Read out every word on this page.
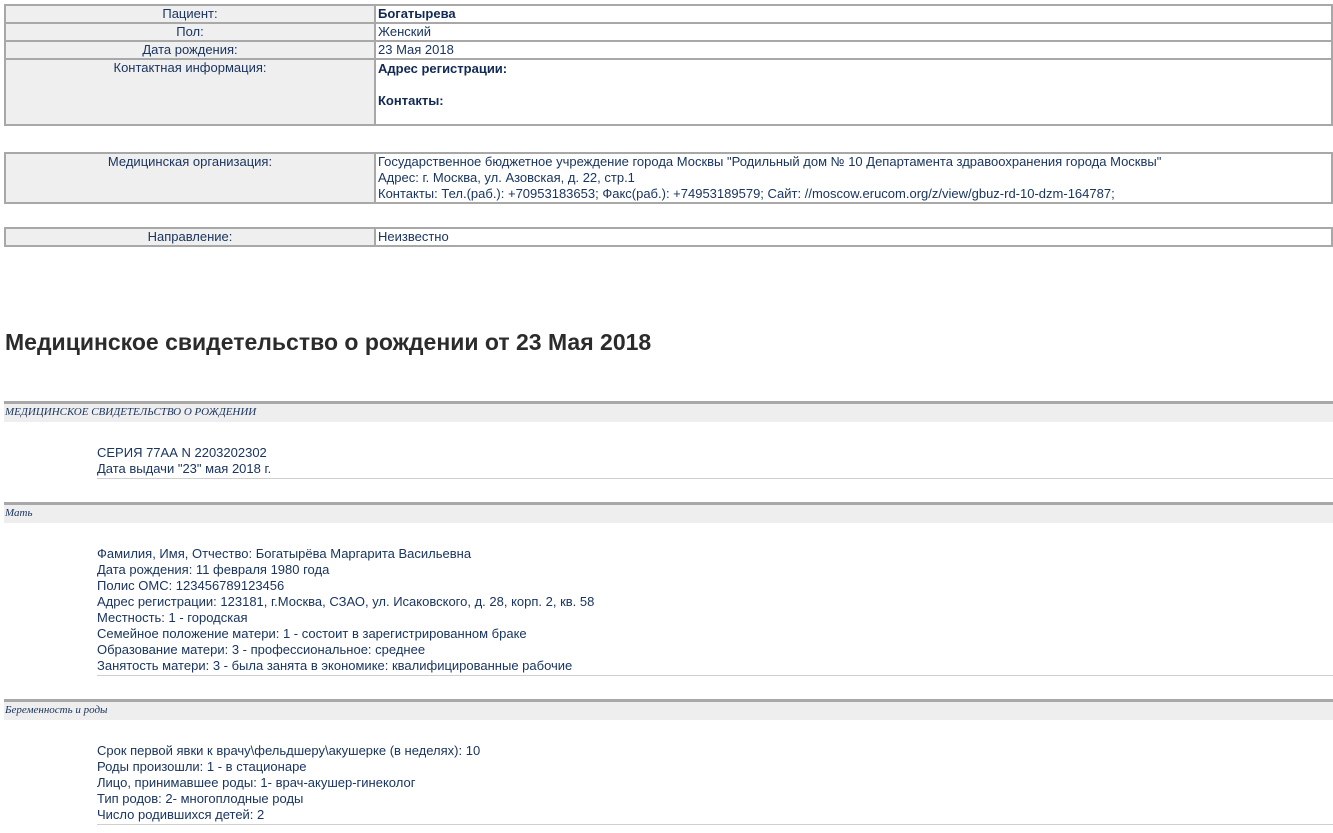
Пациент:	Богатырева
Пол:	Женский
Дата рождения:	23 Мая 2018
Контактная информация:	Адрес регистрации:
Контакты:
Медицинская организация:	Государственное бюджетное учреждение города Москвы "Родильный дом № 10 Департамента здравоохранения города Москвы"
Адрес: г. Москва, ул. Азовская, д. 22, стр.1
Контакты: Тел.(раб.): +70953183653; Факс(раб.): +74953189579; Сайт: //moscow.erucom.org/z/view/gbuz-rd-10-dzm-164787;
Направление:	Неизвестно
Медицинское свидетельство о рождении от 23 Мая 2018
МЕДИЦИНСКОЕ СВИДЕТЕЛЬСТВО О РОЖДЕНИИ
СЕРИЯ 77АА N 2203202302
Дата выдачи "23" мая 2018 г.
Мать
Фамилия, Имя, Отчество: Богатырёва Маргарита Васильевна
Дата рождения: 11 февраля 1980 года
Полис ОМС: 123456789123456
Адрес регистрации: 123181, г.Москва, СЗАО, ул. Исаковского, д. 28, корп. 2, кв. 58
Местность: 1 - городская
Семейное положение матери: 1 - состоит в зарегистрированном браке
Образование матери: 3 - профессиональное: среднее
Занятость матери: 3 - была занята в экономике: квалифицированные рабочие
Беременность и роды
Срок первой явки к врачу\фельдшеру\акушерке (в неделях): 10
Роды произошли: 1 - в стационаре
Лицо, принимавшее роды: 1- врач-акушер-гинеколог
Тип родов: 2- многоплодные роды
Число родившихся детей: 2
